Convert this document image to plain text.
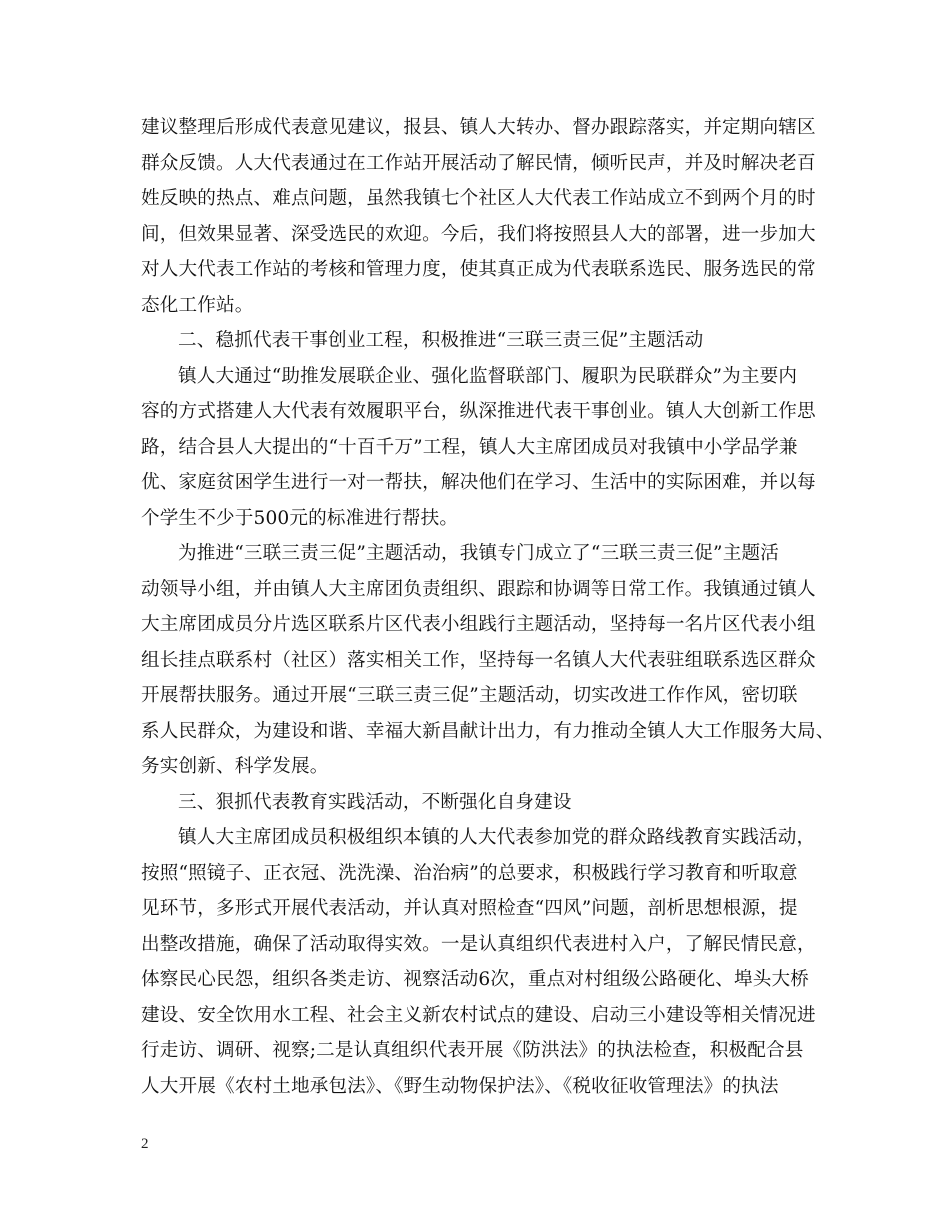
建议整理后形成代表意见建议，报县、镇人大转办、督办跟踪落实，并定期向辖区
群众反馈。人大代表通过在工作站开展活动了解民情，倾听民声，并及时解决老百
姓反映的热点、难点问题，虽然我镇七个社区人大代表工作站成立不到两个月的时
间，但效果显著、深受选民的欢迎。今后，我们将按照县人大的部署，进一步加大
对人大代表工作站的考核和管理力度，使其真正成为代表联系选民、服务选民的常
态化工作站。
二、稳抓代表干事创业工程，积极推进“三联三责三促”主题活动
镇人大通过“助推发展联企业、强化监督联部门、履职为民联群众”为主要内
容的方式搭建人大代表有效履职平台，纵深推进代表干事创业。镇人大创新工作思
路，结合县人大提出的“十百千万”工程，镇人大主席团成员对我镇中小学品学兼
优、家庭贫困学生进行一对一帮扶，解决他们在学习、生活中的实际困难，并以每
个学生不少于500元的标准进行帮扶。
为推进“三联三责三促”主题活动，我镇专门成立了“三联三责三促”主题活
动领导小组，并由镇人大主席团负责组织、跟踪和协调等日常工作。我镇通过镇人
大主席团成员分片选区联系片区代表小组践行主题活动，坚持每一名片区代表小组
组长挂点联系村（社区）落实相关工作，坚持每一名镇人大代表驻组联系选区群众
开展帮扶服务。通过开展“三联三责三促”主题活动，切实改进工作作风，密切联
系人民群众，为建设和谐、幸福大新昌献计出力，有力推动全镇人大工作服务大局、
务实创新、科学发展。
三、狠抓代表教育实践活动，不断强化自身建设
镇人大主席团成员积极组织本镇的人大代表参加党的群众路线教育实践活动，
按照“照镜子、正衣冠、洗洗澡、治治病”的总要求，积极践行学习教育和听取意
见环节，多形式开展代表活动，并认真对照检查“四风”问题，剖析思想根源，提
出整改措施，确保了活动取得实效。一是认真组织代表进村入户，了解民情民意，
体察民心民怨，组织各类走访、视察活动6次，重点对村组级公路硬化、埠头大桥
建设、安全饮用水工程、社会主义新农村试点的建设、启动三小建设等相关情况进
行走访、调研、视察;二是认真组织代表开展《防洪法》的执法检查，积极配合县
人大开展《农村土地承包法》、《野生动物保护法》、《税收征收管理法》的执法
2
